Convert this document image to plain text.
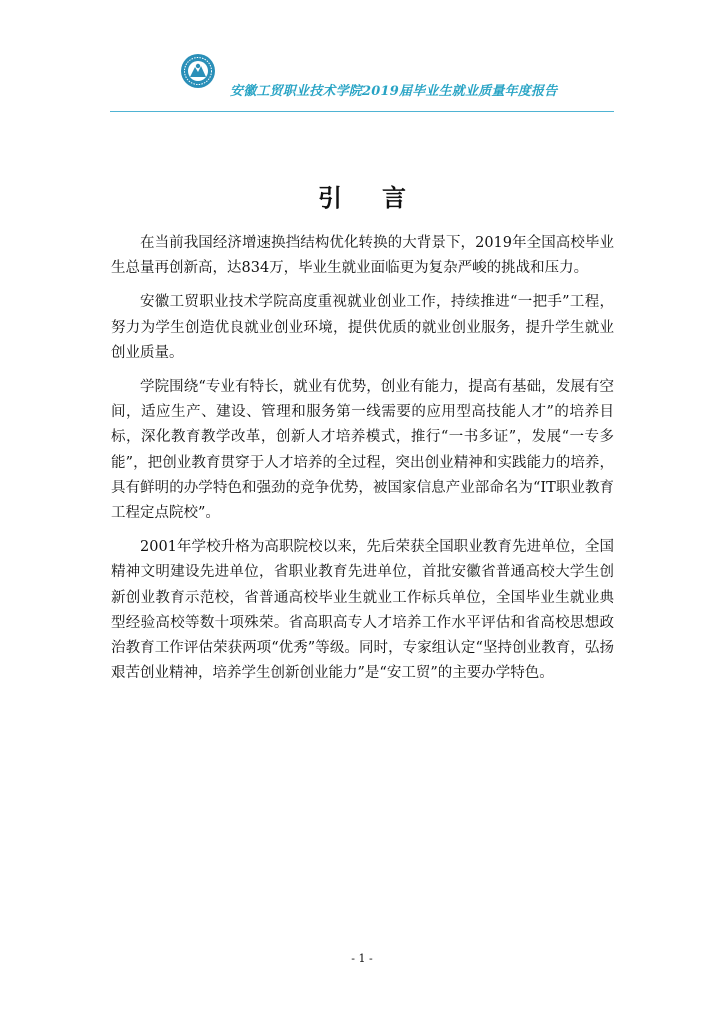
安徽工贸职业技术学院2019届毕业生就业质量年度报告
引言

在当前我国经济增速换挡结构优化转换的大背景下，2019年全国高校毕业生总量再创新高，达834万，毕业生就业面临更为复杂严峻的挑战和压力。

安徽工贸职业技术学院高度重视就业创业工作，持续推进“一把手”工程，努力为学生创造优良就业创业环境，提供优质的就业创业服务，提升学生就业创业质量。

学院围绕“专业有特长，就业有优势，创业有能力，提高有基础，发展有空间，适应生产、建设、管理和服务第一线需要的应用型高技能人才”的培养目标，深化教育教学改革，创新人才培养模式，推行“一书多证”，发展“一专多能”，把创业教育贯穿于人才培养的全过程，突出创业精神和实践能力的培养，具有鲜明的办学特色和强劲的竞争优势，被国家信息产业部命名为“IT职业教育工程定点院校”。

2001年学校升格为高职院校以来，先后荣获全国职业教育先进单位，全国精神文明建设先进单位，省职业教育先进单位，首批安徽省普通高校大学生创新创业教育示范校，省普通高校毕业生就业工作标兵单位，全国毕业生就业典型经验高校等数十项殊荣。省高职高专人才培养工作水平评估和省高校思想政治教育工作评估荣获两项“优秀”等级。同时，专家组认定“坚持创业教育，弘扬艰苦创业精神，培养学生创新创业能力”是“安工贸”的主要办学特色。

- 1 -
